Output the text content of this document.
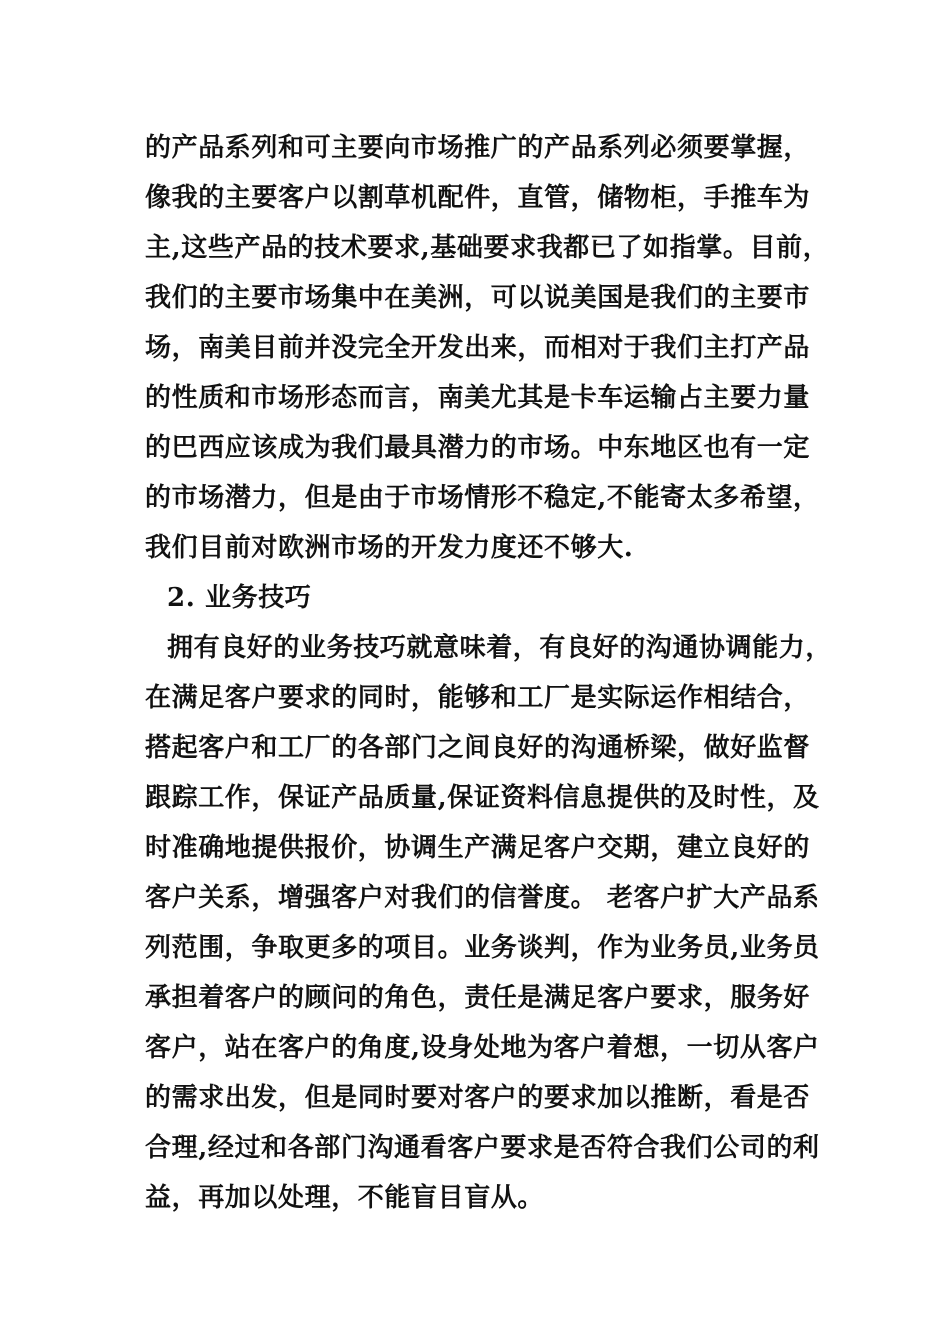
的产品系列和可主要向市场推广的产品系列必须要掌握，
像我的主要客户以割草机配件，直管，储物柜，手推车为
主,这些产品的技术要求,基础要求我都已了如指掌。目前，
我们的主要市场集中在美洲，可以说美国是我们的主要市
场，南美目前并没完全开发出来，而相对于我们主打产品
的性质和市场形态而言，南美尤其是卡车运输占主要力量
的巴西应该成为我们最具潜力的市场。中东地区也有一定
的市场潜力，但是由于市场情形不稳定,不能寄太多希望，
我们目前对欧洲市场的开发力度还不够大.
2. 业务技巧
拥有良好的业务技巧就意味着，有良好的沟通协调能力，
在满足客户要求的同时，能够和工厂是实际运作相结合，
搭起客户和工厂的各部门之间良好的沟通桥梁，做好监督
跟踪工作，保证产品质量,保证资料信息提供的及时性，及
时准确地提供报价，协调生产满足客户交期，建立良好的
客户关系，增强客户对我们的信誉度。 老客户扩大产品系
列范围，争取更多的项目。业务谈判，作为业务员,业务员
承担着客户的顾问的角色，责任是满足客户要求，服务好
客户，站在客户的角度,设身处地为客户着想，一切从客户
的需求出发，但是同时要对客户的要求加以推断，看是否
合理,经过和各部门沟通看客户要求是否符合我们公司的利
益，再加以处理，不能盲目盲从。
